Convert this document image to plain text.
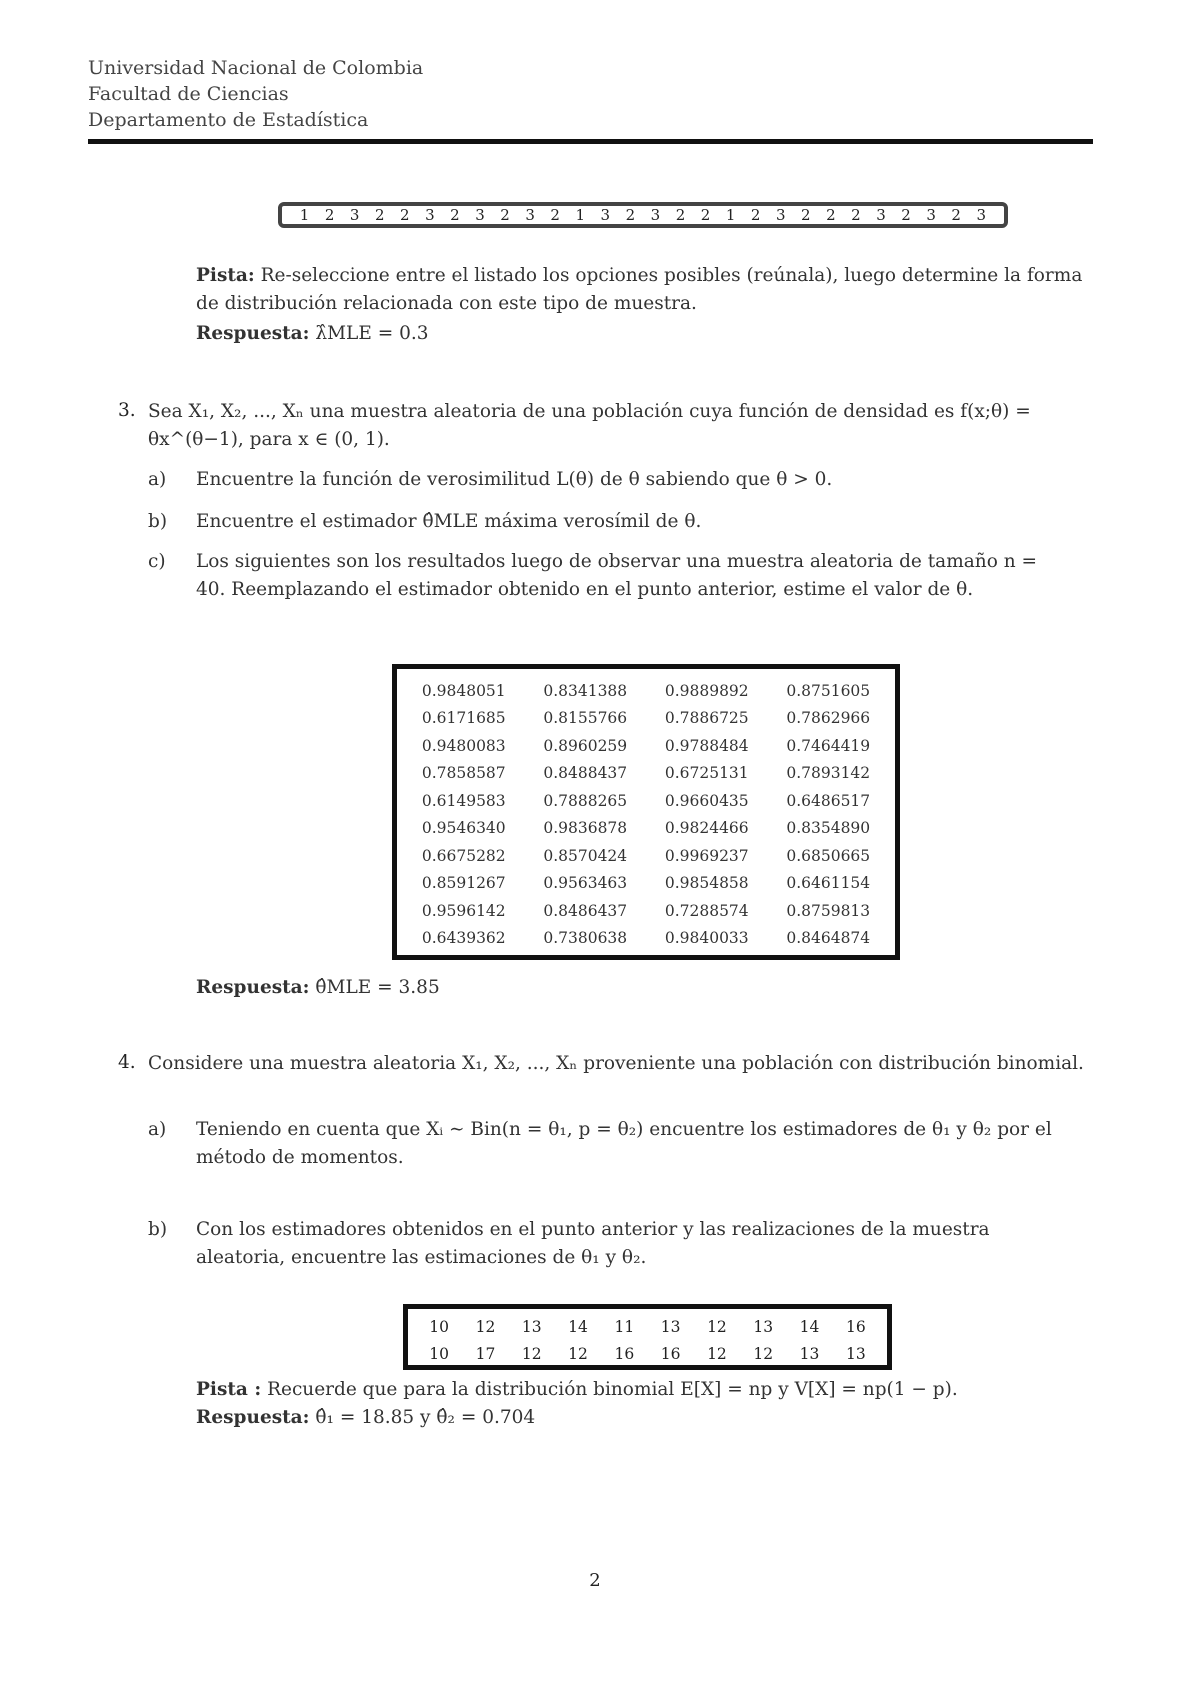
Universidad Nacional de Colombia
Facultad de Ciencias
Departamento de Estadística
1 2 3 2 2 3 2 3 2 3 2 1 3 2 3 2 2 1 2 3 2 2 2 3 2 3 2 3
Pista: Re-seleccione entre el listado los opciones posibles (reúnala), luego determine la forma de distribución relacionada con este tipo de muestra.
Respuesta: λ̂MLE = 0.3
3. Sea X₁, X₂, ..., Xₙ una muestra aleatoria de una población cuya función de densidad es f(x;θ) = θx^(θ−1), para x ∈ (0, 1).
a) Encuentre la función de verosimilitud L(θ) de θ sabiendo que θ > 0.
b) Encuentre el estimador θ̂MLE máxima verosímil de θ.
c) Los siguientes son los resultados luego de observar una muestra aleatoria de tamaño n = 40. Reemplazando el estimador obtenido en el punto anterior, estime el valor de θ.
0.9848051	0.8341388	0.9889892	0.8751605
0.6171685	0.8155766	0.7886725	0.7862966
0.9480083	0.8960259	0.9788484	0.7464419
0.7858587	0.8488437	0.6725131	0.7893142
0.6149583	0.7888265	0.9660435	0.6486517
0.9546340	0.9836878	0.9824466	0.8354890
0.6675282	0.8570424	0.9969237	0.6850665
0.8591267	0.9563463	0.9854858	0.6461154
0.9596142	0.8486437	0.7288574	0.8759813
0.6439362	0.7380638	0.9840033	0.8464874
Respuesta: θ̂MLE = 3.85
4. Considere una muestra aleatoria X₁, X₂, ..., Xₙ proveniente una población con distribución binomial.
a) Teniendo en cuenta que Xᵢ ∼ Bin(n = θ₁, p = θ₂) encuentre los estimadores de θ₁ y θ₂ por el método de momentos.
b) Con los estimadores obtenidos en el punto anterior y las realizaciones de la muestra aleatoria, encuentre las estimaciones de θ₁ y θ₂.
10	12	13	14	11	13	12	13	14	16
10	17	12	12	16	16	12	12	13	13
Pista : Recuerde que para la distribución binomial E[X] = np y V[X] = np(1 − p).
Respuesta: θ̂₁ = 18.85 y θ̂₂ = 0.704
2
